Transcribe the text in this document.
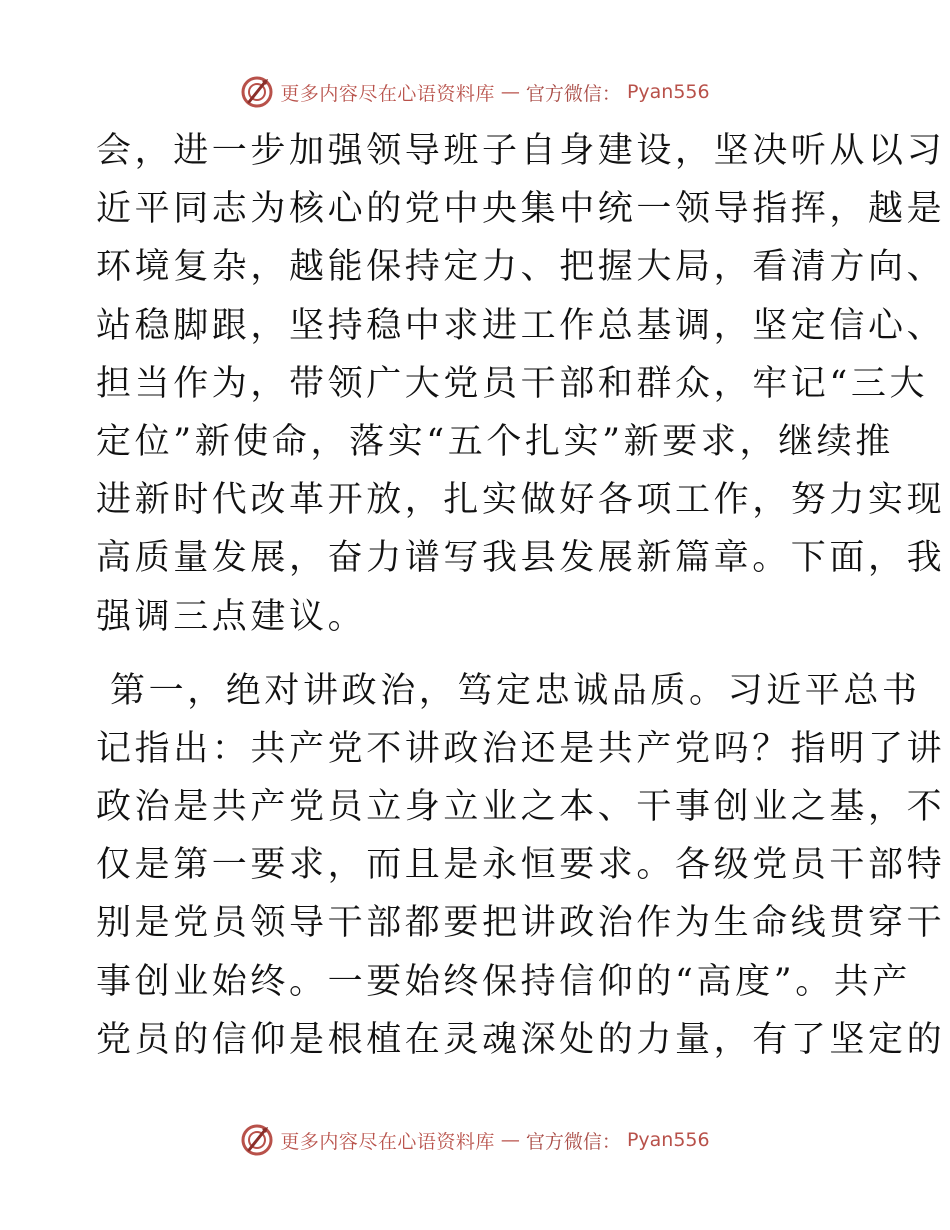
更多内容尽在心语资料库 — 官方微信： Pyan556
会，进一步加强领导班子自身建设，坚决听从以习
近平同志为核心的党中央集中统一领导指挥，越是
环境复杂，越能保持定力、把握大局，看清方向、
站稳脚跟，坚持稳中求进工作总基调，坚定信心、
担当作为，带领广大党员干部和群众，牢记“三大
定位”新使命，落实“五个扎实”新要求，继续推
进新时代改革开放，扎实做好各项工作，努力实现
高质量发展，奋力谱写我县发展新篇章。下面，我
强调三点建议。
第一，绝对讲政治，笃定忠诚品质。习近平总书
记指出：共产党不讲政治还是共产党吗？指明了讲
政治是共产党员立身立业之本、干事创业之基，不
仅是第一要求，而且是永恒要求。各级党员干部特
别是党员领导干部都要把讲政治作为生命线贯穿干
事创业始终。一要始终保持信仰的“高度”。共产
党员的信仰是根植在灵魂深处的力量，有了坚定的
更多内容尽在心语资料库 — 官方微信： Pyan556
